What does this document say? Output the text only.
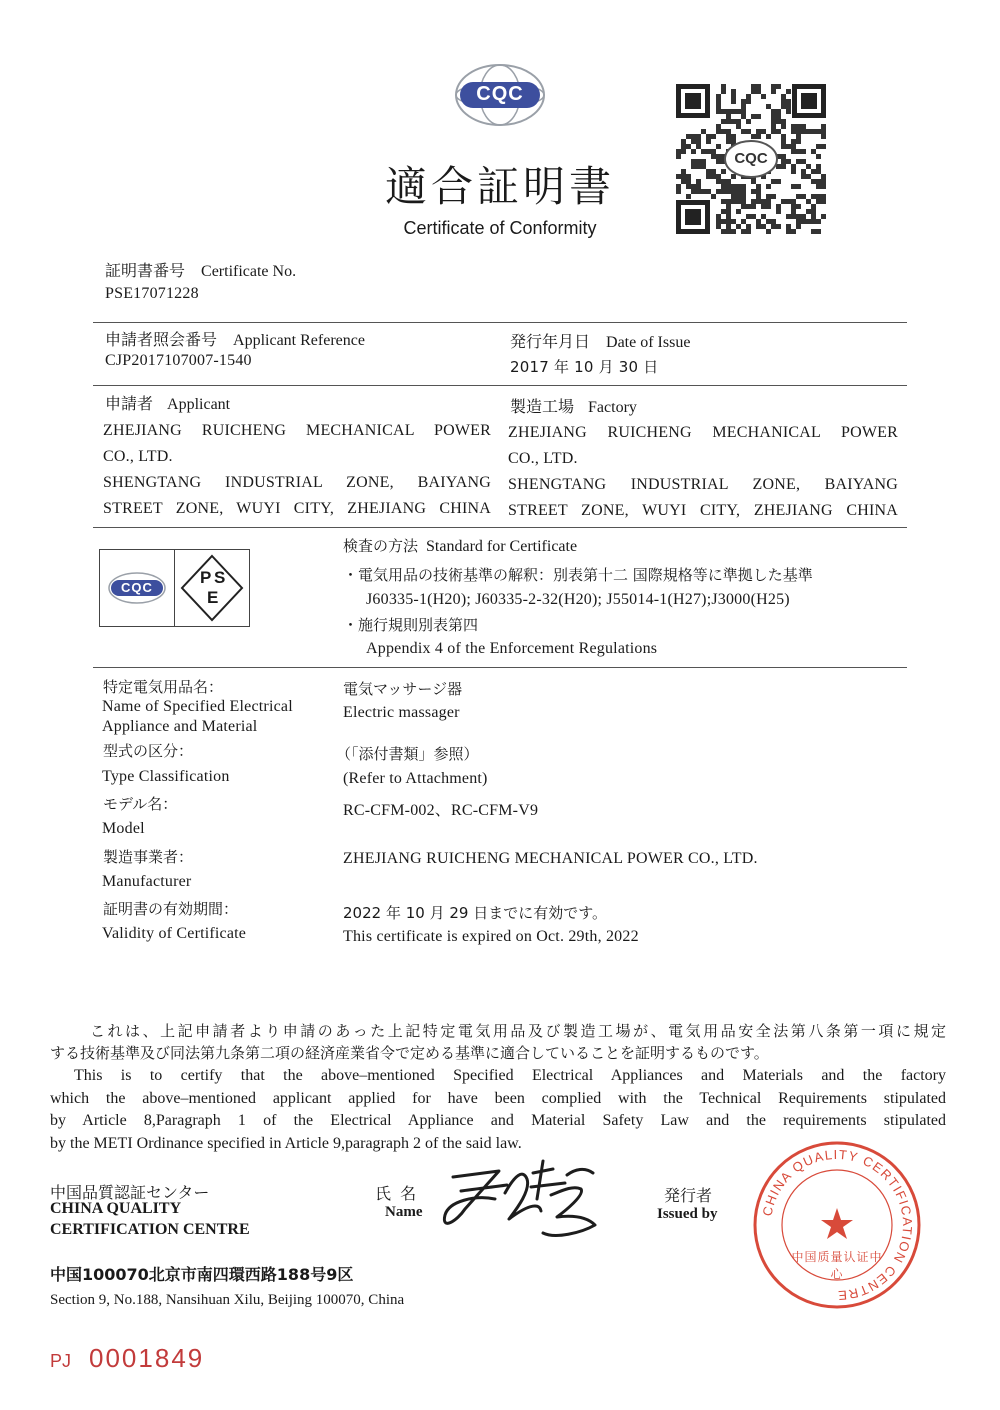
CQC
適合証明書
Certificate of Conformity
CQC
証明書番号 Certificate No.
PSE17071228
申請者照会番号 Applicant Reference
CJP2017107007-1540
発行年月日 Date of Issue
2017 年 10 月 30 日
申請者 Applicant
ZHEJIANG RUICHENG MECHANICAL POWER
CO., LTD.
SHENGTANG INDUSTRIAL ZONE, BAIYANG
STREET ZONE, WUYI CITY, ZHEJIANG CHINA
製造工場 Factory
ZHEJIANG RUICHENG MECHANICAL POWER
CO., LTD.
SHENGTANG INDUSTRIAL ZONE, BAIYANG
STREET ZONE, WUYI CITY, ZHEJIANG CHINA
CQC
P S
E
検査の方法 Standard for Certificate
・電気用品の技術基準の解釈：別表第十二 国際規格等に準拠した基準
J60335-1(H20); J60335-2-32(H20); J55014-1(H27);J3000(H25)
・施行規則別表第四
Appendix 4 of the Enforcement Regulations
特定電気用品名：
Name of Specified Electrical
Appliance and Material
電気マッサージ器
Electric massager
型式の区分：
Type Classification
（「添付書類」参照）
(Refer to Attachment)
モデル名：
Model
RC-CFM-002、RC-CFM-V9
製造事業者：
Manufacturer
ZHEJIANG RUICHENG MECHANICAL POWER CO., LTD.
証明書の有効期間：
Validity of Certificate
2022 年 10 月 29 日までに有効です。
This certificate is expired on Oct. 29th, 2022
これは、上記申請者より申請のあった上記特定電気用品及び製造工場が、電気用品安全法第八条第一項に規定
する技術基準及び同法第九条第二項の経済産業省令で定める基準に適合していることを証明するものです。
This is to certify that the above–mentioned Specified Electrical Appliances and Materials and the factory
which the above–mentioned applicant applied for have been complied with the Technical Requirements stipulated
by Article 8,Paragraph 1 of the Electrical Appliance and Material Safety Law and the requirements stipulated
by the METI Ordinance specified in Article 9,paragraph 2 of the said law.
中国品質認証センター
CHINA QUALITY
CERTIFICATION CENTRE
氏 名
Name
発行者
Issued by	CHINA QUALITY CERTIFICATION CENTRE
中国质量认证中心
中国100070北京市南四環西路188号9区
Section 9, No.188, Nansihuan Xilu, Beijing 100070, China
PJ 0001849
